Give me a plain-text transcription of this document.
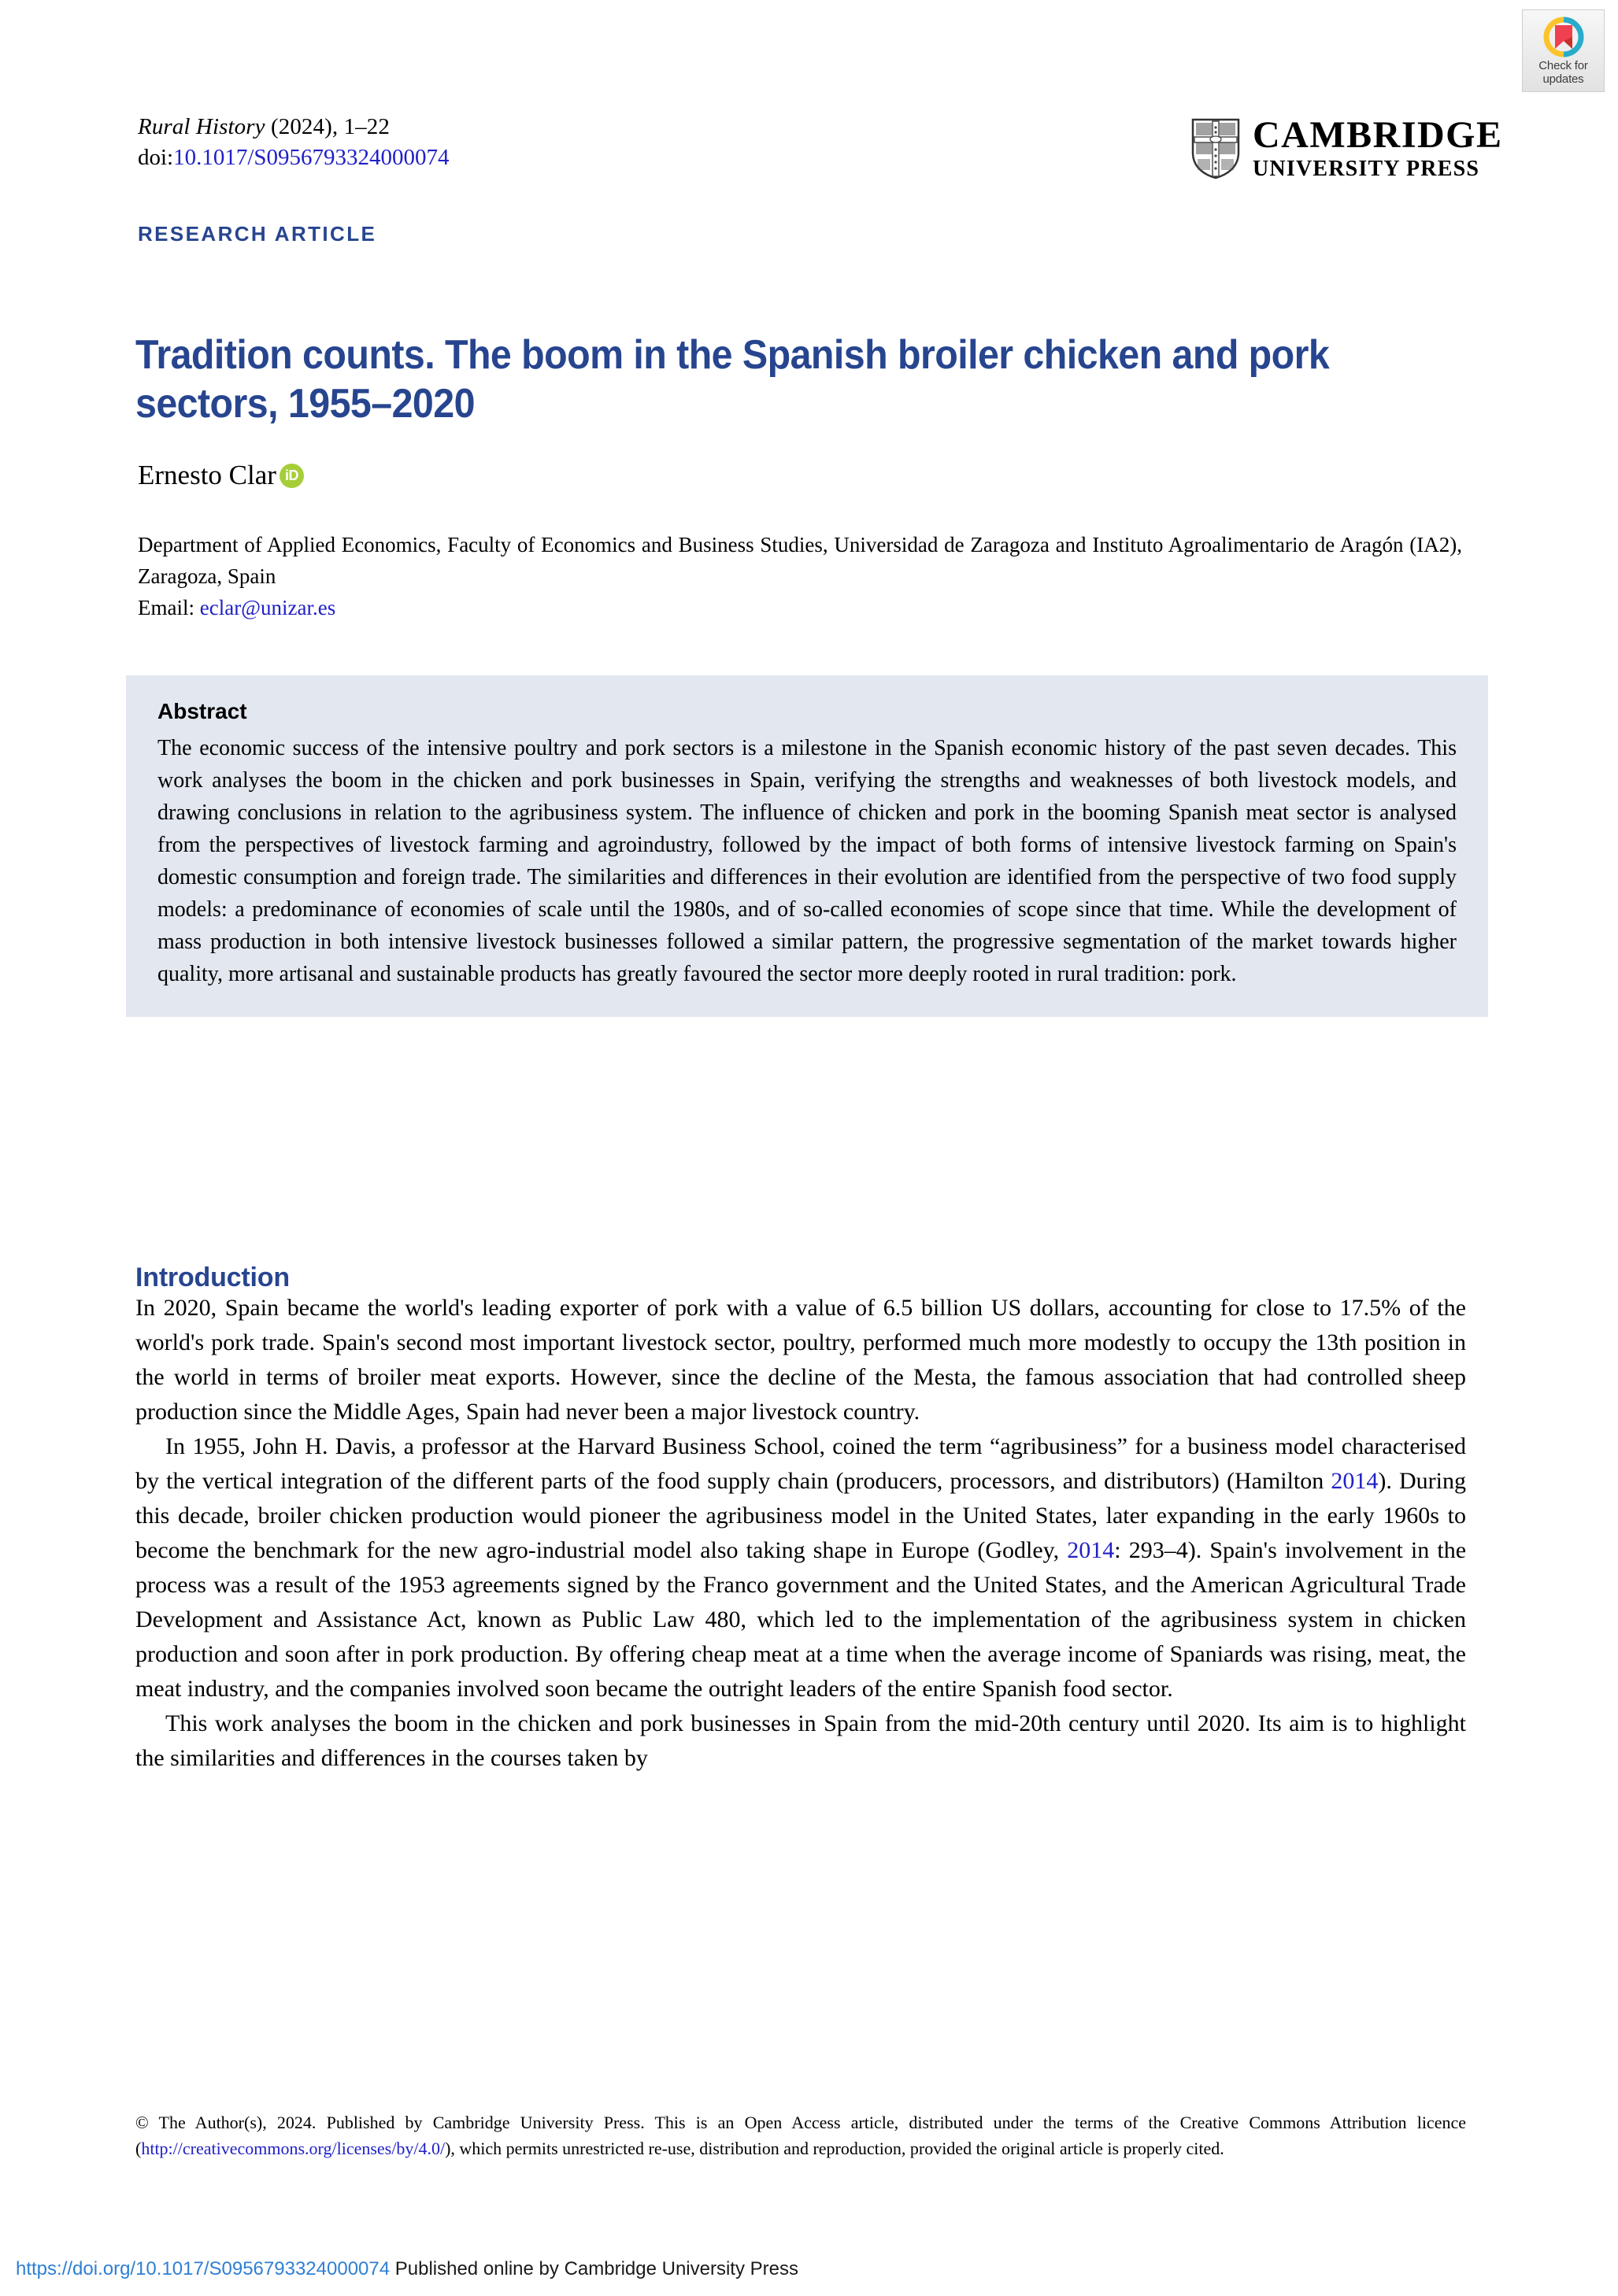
Check for
updates
Rural History (2024), 1–22
doi:10.1017/S0956793324000074
CAMBRIDGE
UNIVERSITY PRESS
RESEARCH ARTICLE
Tradition counts. The boom in the Spanish broiler chicken and pork sectors, 1955–2020
Ernesto Clar iD
Department of Applied Economics, Faculty of Economics and Business Studies, Universidad de Zaragoza and Instituto Agroalimentario de Aragón (IA2), Zaragoza, Spain
Email: eclar@unizar.es
Abstract
The economic success of the intensive poultry and pork sectors is a milestone in the Spanish economic history of the past seven decades. This work analyses the boom in the chicken and pork businesses in Spain, verifying the strengths and weaknesses of both livestock models, and drawing conclusions in relation to the agribusiness system. The influence of chicken and pork in the booming Spanish meat sector is analysed from the perspectives of livestock farming and agroindustry, followed by the impact of both forms of intensive livestock farming on Spain's domestic consumption and foreign trade. The similarities and differences in their evolution are identified from the perspective of two food supply models: a predominance of economies of scale until the 1980s, and of so-called economies of scope since that time. While the development of mass production in both intensive livestock businesses followed a similar pattern, the progressive segmentation of the market towards higher quality, more artisanal and sustainable products has greatly favoured the sector more deeply rooted in rural tradition: pork.
Introduction

In 2020, Spain became the world's leading exporter of pork with a value of 6.5 billion US dollars, accounting for close to 17.5% of the world's pork trade. Spain's second most important livestock sector, poultry, performed much more modestly to occupy the 13th position in the world in terms of broiler meat exports. However, since the decline of the Mesta, the famous association that had controlled sheep production since the Middle Ages, Spain had never been a major livestock country.

In 1955, John H. Davis, a professor at the Harvard Business School, coined the term “agribusiness” for a business model characterised by the vertical integration of the different parts of the food supply chain (producers, processors, and distributors) (Hamilton 2014). During this decade, broiler chicken production would pioneer the agribusiness model in the United States, later expanding in the early 1960s to become the benchmark for the new agro-industrial model also taking shape in Europe (Godley, 2014: 293–4). Spain's involvement in the process was a result of the 1953 agreements signed by the Franco government and the United States, and the American Agricultural Trade Development and Assistance Act, known as Public Law 480, which led to the implementation of the agribusiness system in chicken production and soon after in pork production. By offering cheap meat at a time when the average income of Spaniards was rising, meat, the meat industry, and the companies involved soon became the outright leaders of the entire Spanish food sector.

This work analyses the boom in the chicken and pork businesses in Spain from the mid-20th century until 2020. Its aim is to highlight the similarities and differences in the courses taken by

© The Author(s), 2024. Published by Cambridge University Press. This is an Open Access article, distributed under the terms of the Creative Commons Attribution licence (http://creativecommons.org/licenses/by/4.0/), which permits unrestricted re-use, distribution and reproduction, provided the original article is properly cited.
https://doi.org/10.1017/S0956793324000074 Published online by Cambridge University Press
